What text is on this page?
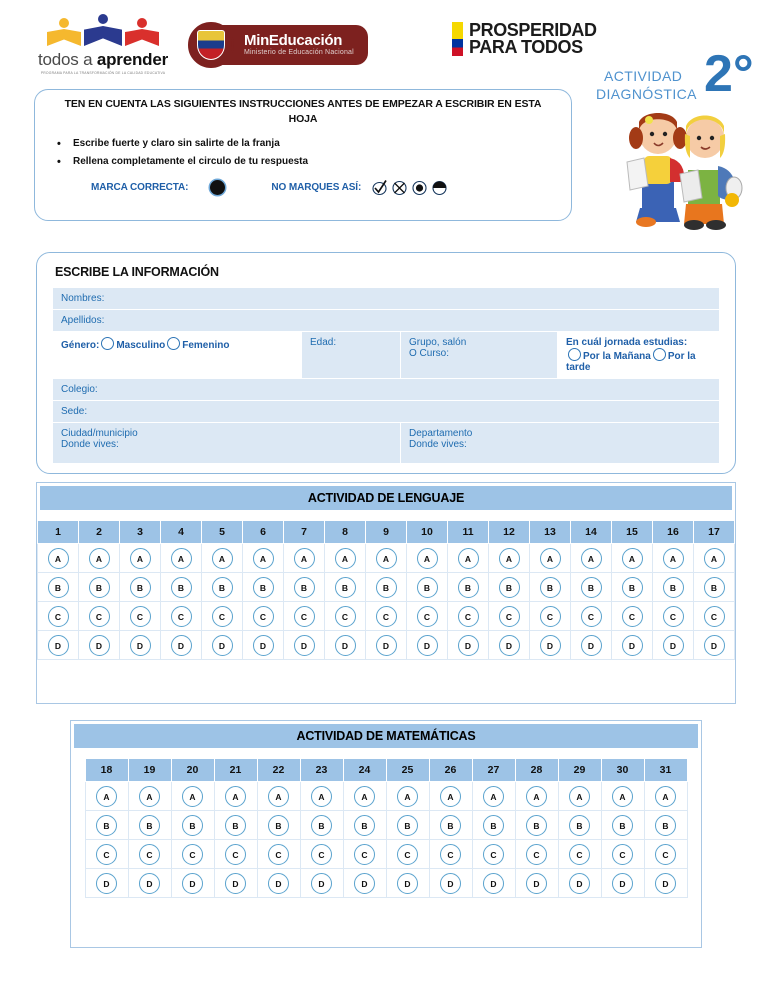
todos a aprender
PROGRAMA PARA LA TRANSFORMACIÓN DE LA CALIDAD EDUCATIVA
MinEducación
Ministerio de Educación Nacional
PROSPERIDAD
PARA TODOS
ACTIVIDAD
DIAGNÓSTICA 2°
TEN EN CUENTA LAS SIGUIENTES INSTRUCCIONES ANTES DE EMPEZAR A ESCRIBIR EN ESTA HOJA
• Escribe fuerte y claro sin salirte de la franja
• Rellena completamente el circulo de tu respuesta
MARCA CORRECTA:	NO MARQUES ASÍ:
ESCRIBE LA INFORMACIÓN
Nombres:			
Apellidos:			
Género: Masculino Femenino	Edad:	Grupo, salón
O Curso:

En cuál jornada estudias:
Por la Mañana Por la tarde

Colegio:			
Sede:			

Ciudad/municipio
Donde vives:

Departamento
Donde vives:
ACTIVIDAD DE LENGUAJE
1	2	3	4	5	6	7	8	9	10	11	12	13	14	15	16	17
A	A	A	A	A	A	A	A	A	A	A	A	A	A	A	A	A
B	B	B	B	B	B	B	B	B	B	B	B	B	B	B	B	B
C	C	C	C	C	C	C	C	C	C	C	C	C	C	C	C	C
D	D	D	D	D	D	D	D	D	D	D	D	D	D	D	D	D
ACTIVIDAD DE MATEMÁTICAS
18	19	20	21	22	23	24	25	26	27	28	29	30	31
A	A	A	A	A	A	A	A	A	A	A	A	A	A
B	B	B	B	B	B	B	B	B	B	B	B	B	B
C	C	C	C	C	C	C	C	C	C	C	C	C	C
D	D	D	D	D	D	D	D	D	D	D	D	D	D
